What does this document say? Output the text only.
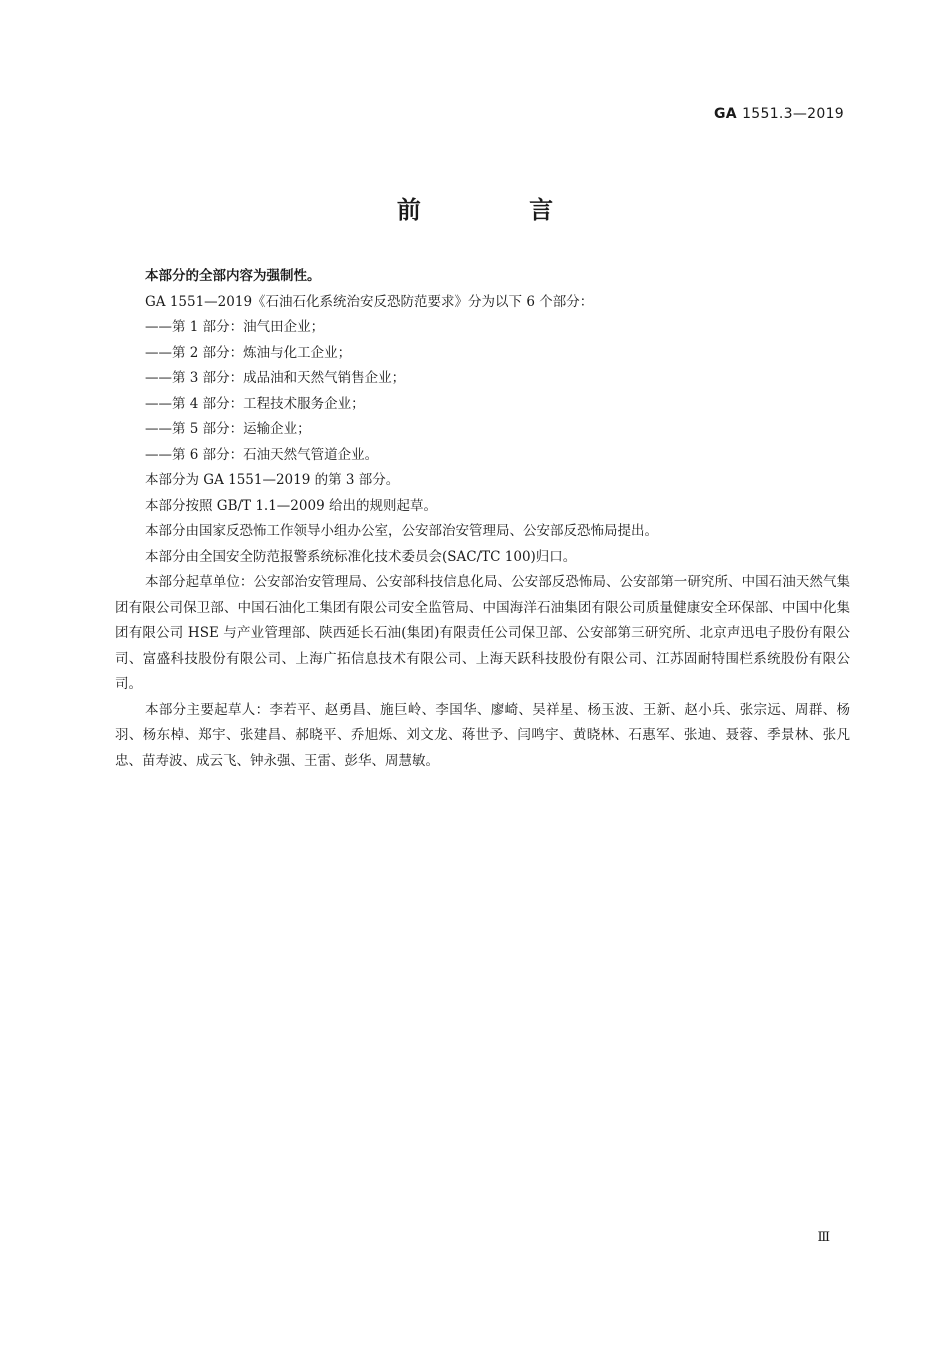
GA 1551.3—2019
前 言

本部分的全部内容为强制性。

GA 1551—2019《石油石化系统治安反恐防范要求》分为以下 6 个部分：

——第 1 部分：油气田企业；

——第 2 部分：炼油与化工企业；

——第 3 部分：成品油和天然气销售企业；

——第 4 部分：工程技术服务企业；

——第 5 部分：运输企业；

——第 6 部分：石油天然气管道企业。

本部分为 GA 1551—2019 的第 3 部分。

本部分按照 GB/T 1.1—2009 给出的规则起草。

本部分由国家反恐怖工作领导小组办公室，公安部治安管理局、公安部反恐怖局提出。

本部分由全国安全防范报警系统标准化技术委员会(SAC/TC 100)归口。

本部分起草单位：公安部治安管理局、公安部科技信息化局、公安部反恐怖局、公安部第一研究所、中国石油天然气集团有限公司保卫部、中国石油化工集团有限公司安全监管局、中国海洋石油集团有限公司质量健康安全环保部、中国中化集团有限公司 HSE 与产业管理部、陕西延长石油(集团)有限责任公司保卫部、公安部第三研究所、北京声迅电子股份有限公司、富盛科技股份有限公司、上海广拓信息技术有限公司、上海天跃科技股份有限公司、江苏固耐特围栏系统股份有限公司。

本部分主要起草人：李若平、赵勇昌、施巨岭、李国华、廖崎、吴祥星、杨玉波、王新、赵小兵、张宗远、周群、杨羽、杨东棹、郑宇、张建昌、郝晓平、乔旭烁、刘文龙、蒋世予、闫鸣宇、黄晓林、石惠军、张迪、聂蓉、季景林、张凡忠、苗寿波、成云飞、钟永强、王雷、彭华、周慧敏。

Ⅲ
